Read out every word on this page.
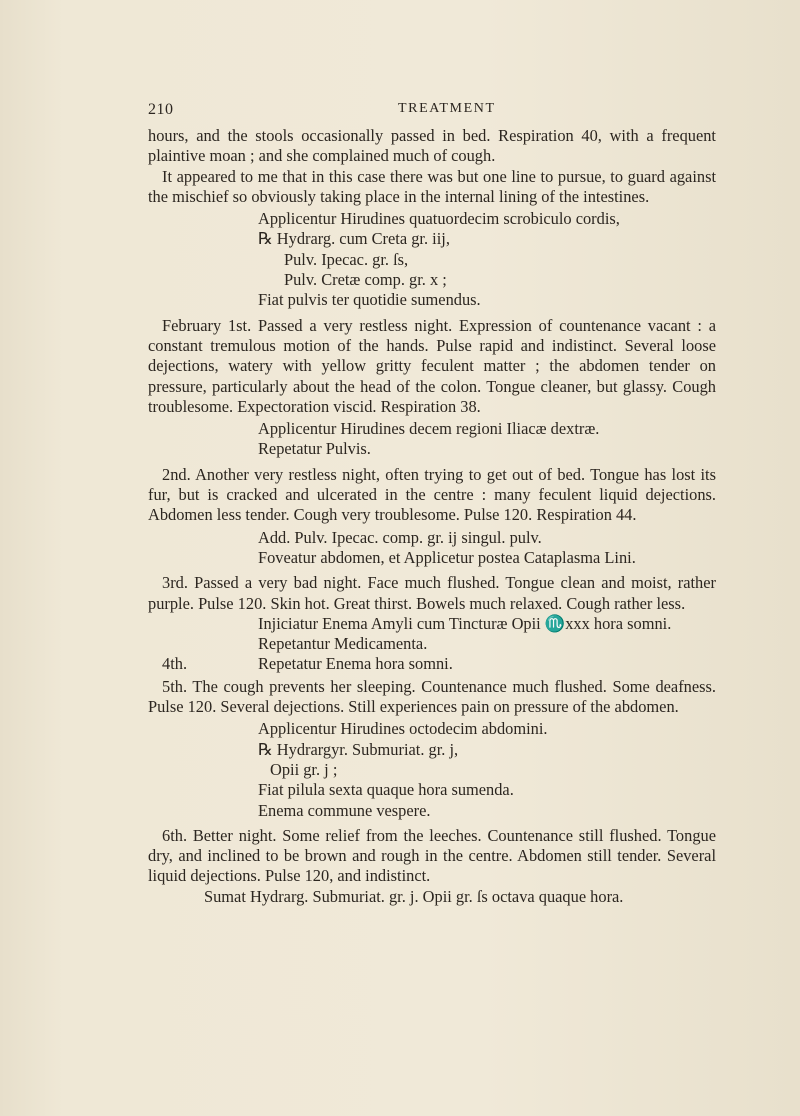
210	TREATMENT

hours, and the stools occasionally passed in bed. Respiration 40, with a frequent plaintive moan ; and she complained much of cough.

It appeared to me that in this case there was but one line to pursue, to guard against the mischief so obviously taking place in the internal lining of the intestines.

Applicentur Hirudines quatuordecim scrobiculo cordis,

℞ Hydrarg. cum Creta gr. iij,

Pulv. Ipecac. gr. ſs,

Pulv. Cretæ comp. gr. x ;

Fiat pulvis ter quotidie sumendus.

February 1st. Passed a very restless night. Expression of countenance vacant : a constant tremulous motion of the hands. Pulse rapid and indistinct. Several loose dejections, watery with yellow gritty feculent matter ; the abdomen tender on pressure, particularly about the head of the colon. Tongue cleaner, but glassy. Cough troublesome. Expectoration viscid. Respiration 38.

Applicentur Hirudines decem regioni Iliacæ dextræ.

Repetatur Pulvis.

2nd. Another very restless night, often trying to get out of bed. Tongue has lost its fur, but is cracked and ulcerated in the centre : many feculent liquid dejections. Abdomen less tender. Cough very troublesome. Pulse 120. Respiration 44.

Add. Pulv. Ipecac. comp. gr. ij singul. pulv.

Foveatur abdomen, et Applicetur postea Cataplasma Lini.

3rd. Passed a very bad night. Face much flushed. Tongue clean and moist, rather purple. Pulse 120. Skin hot. Great thirst. Bowels much relaxed. Cough rather less.

Injiciatur Enema Amyli cum Tincturæ Opii ♏xxx hora somni.

Repetantur Medicamenta.

4th.	Repetatur Enema hora somni.

5th. The cough prevents her sleeping. Countenance much flushed. Some deafness. Pulse 120. Several dejections. Still experiences pain on pressure of the abdomen.

Applicentur Hirudines octodecim abdomini.

℞ Hydrargyr. Submuriat. gr. j,

Opii gr. j ;

Fiat pilula sexta quaque hora sumenda.

Enema commune vespere.

6th. Better night. Some relief from the leeches. Countenance still flushed. Tongue dry, and inclined to be brown and rough in the centre. Abdomen still tender. Several liquid dejections. Pulse 120, and indistinct.

Sumat Hydrarg. Submuriat. gr. j. Opii gr. ſs octava quaque hora.
